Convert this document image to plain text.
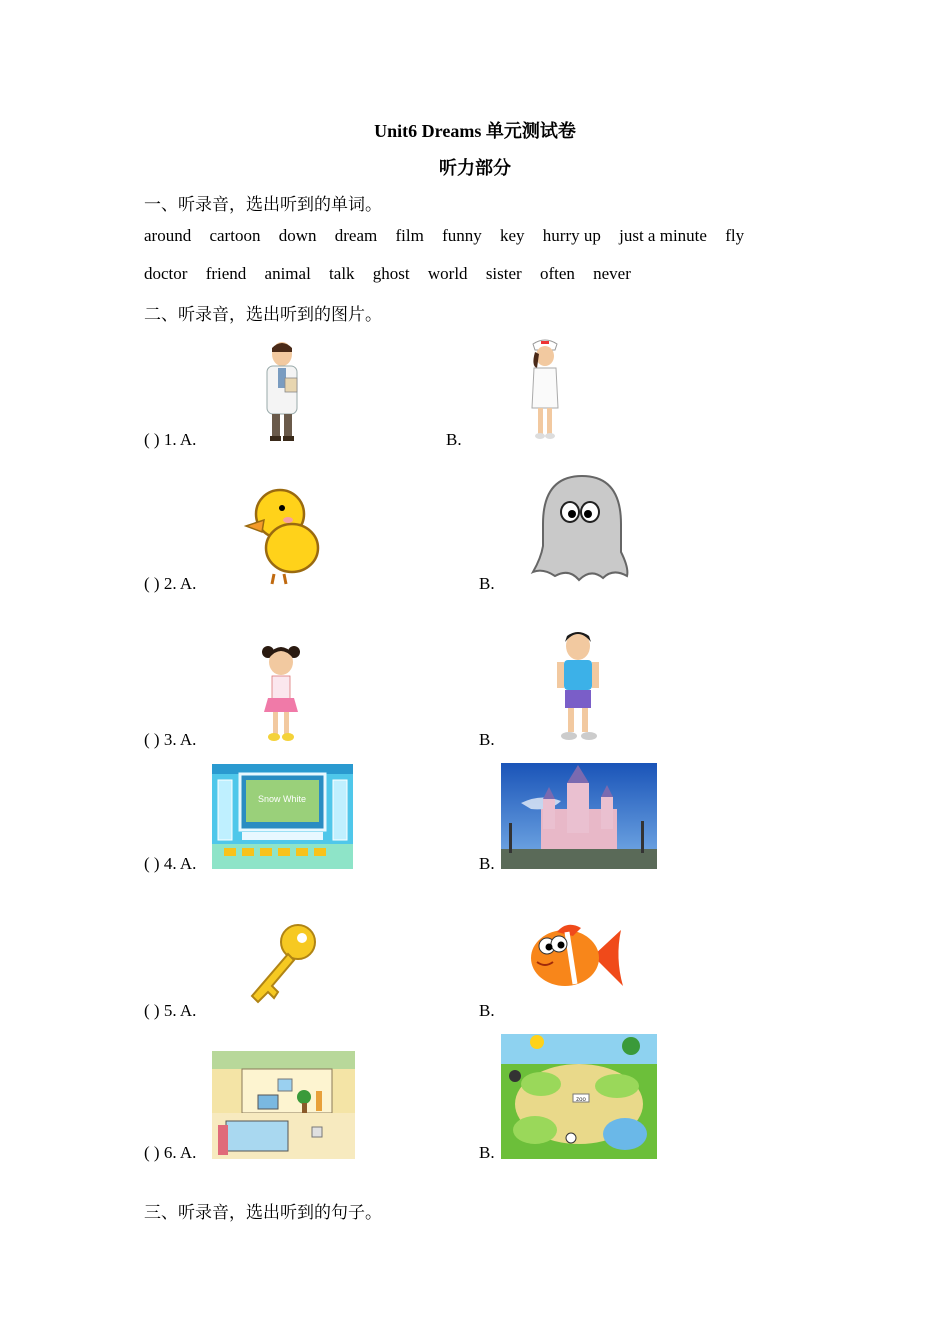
Unit6 Dreams 单元测试卷
听力部分
一、听录音，选出听到的单词。
around cartoon down dream film funny key hurry up just a minute fly
doctor friend animal talk ghost world sister often never
二、听录音，选出听到的图片。
( ) 1. A.	B.
( ) 2. A.	B.
( ) 3. A.	B.
( ) 4. A.	B.
Snow White
( ) 5. A.	B.
( ) 6. A.	B.
zoo
三、听录音，选出听到的句子。
